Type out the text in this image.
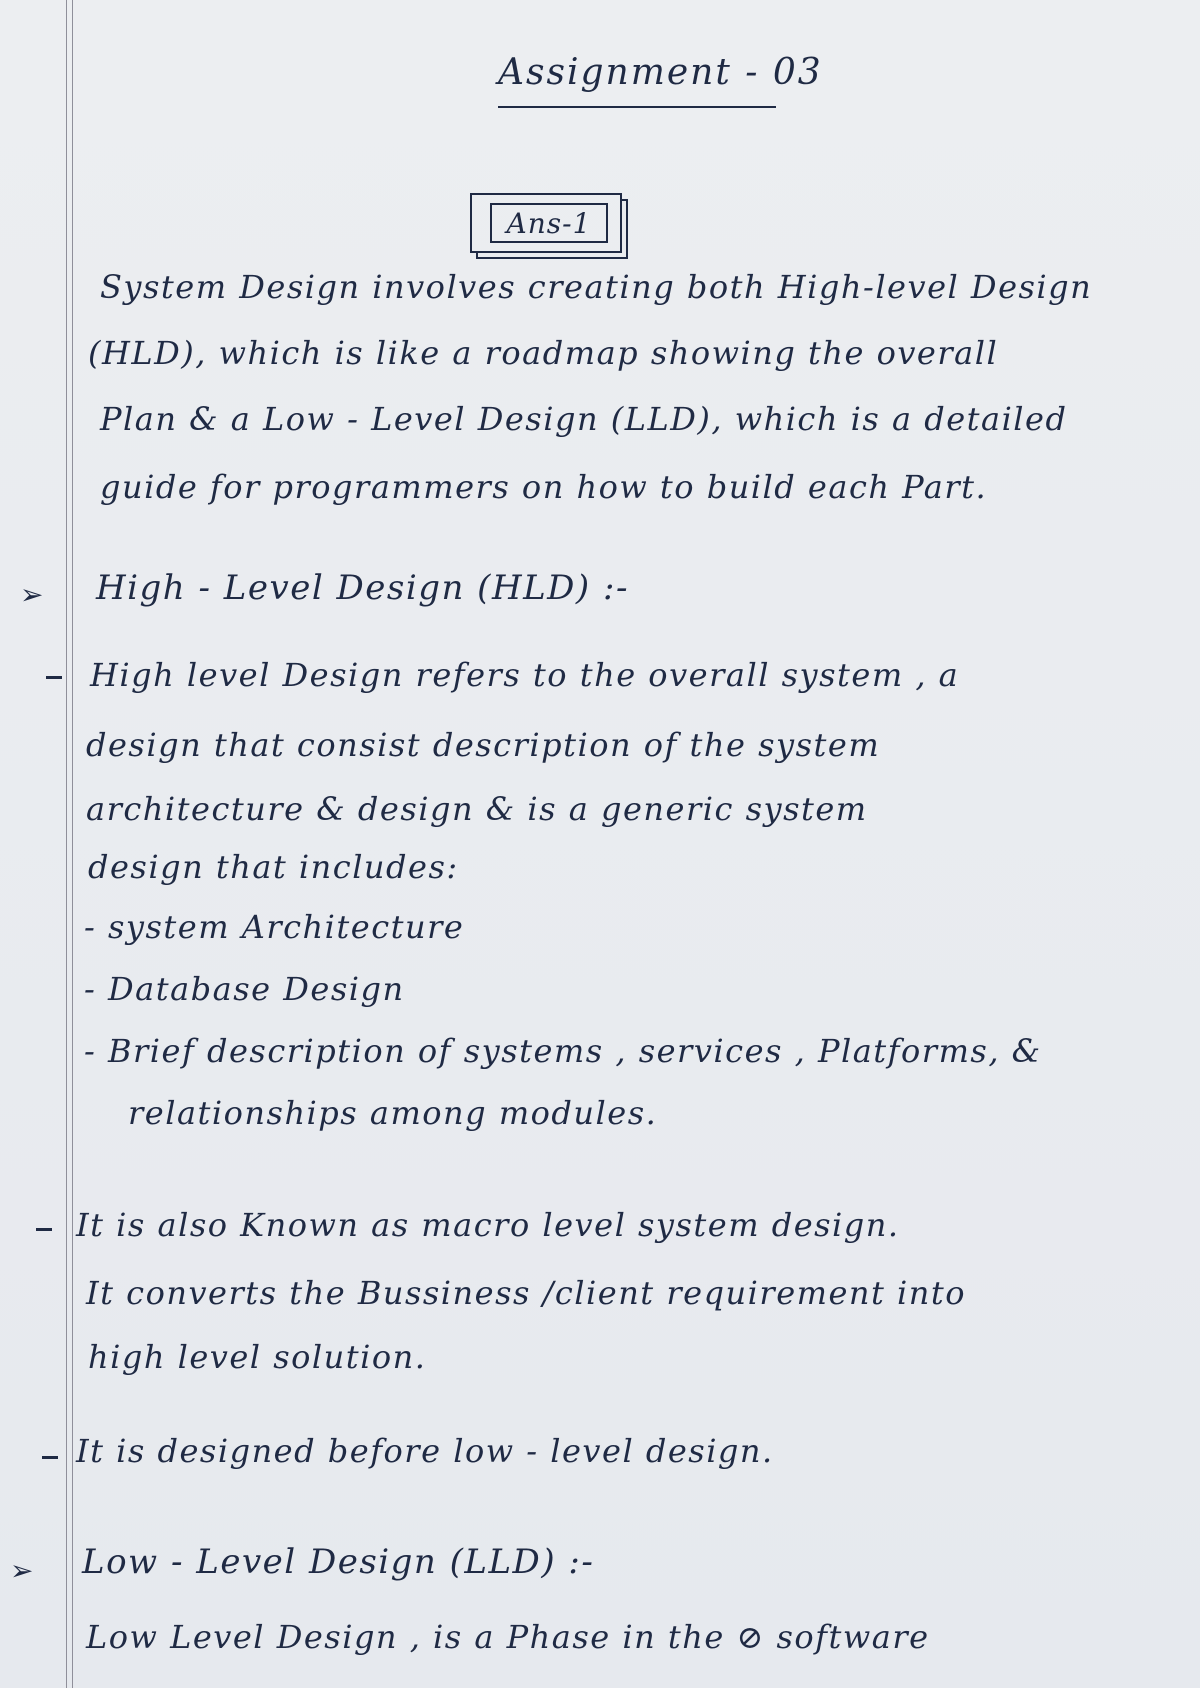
Assignment - 03
Ans-1
System Design involves creating both High-level Design
(HLD), which is like a roadmap showing the overall
Plan & a Low - Level Design (LLD), which is a detailed
guide for programmers on how to build each Part.
➢ High - Level Design (HLD) :-
High level Design refers to the overall system , a
design that consist description of the system
architecture & design & is a generic system
design that includes:
- system Architecture
- Database Design
- Brief description of systems , services , Platforms, &
relationships among modules.
It is also Known as macro level system design.
It converts the Bussiness /client requirement into
high level solution.
It is designed before low - level design.
➢ Low - Level Design (LLD) :-
Low Level Design , is a Phase in the ⊘ software
